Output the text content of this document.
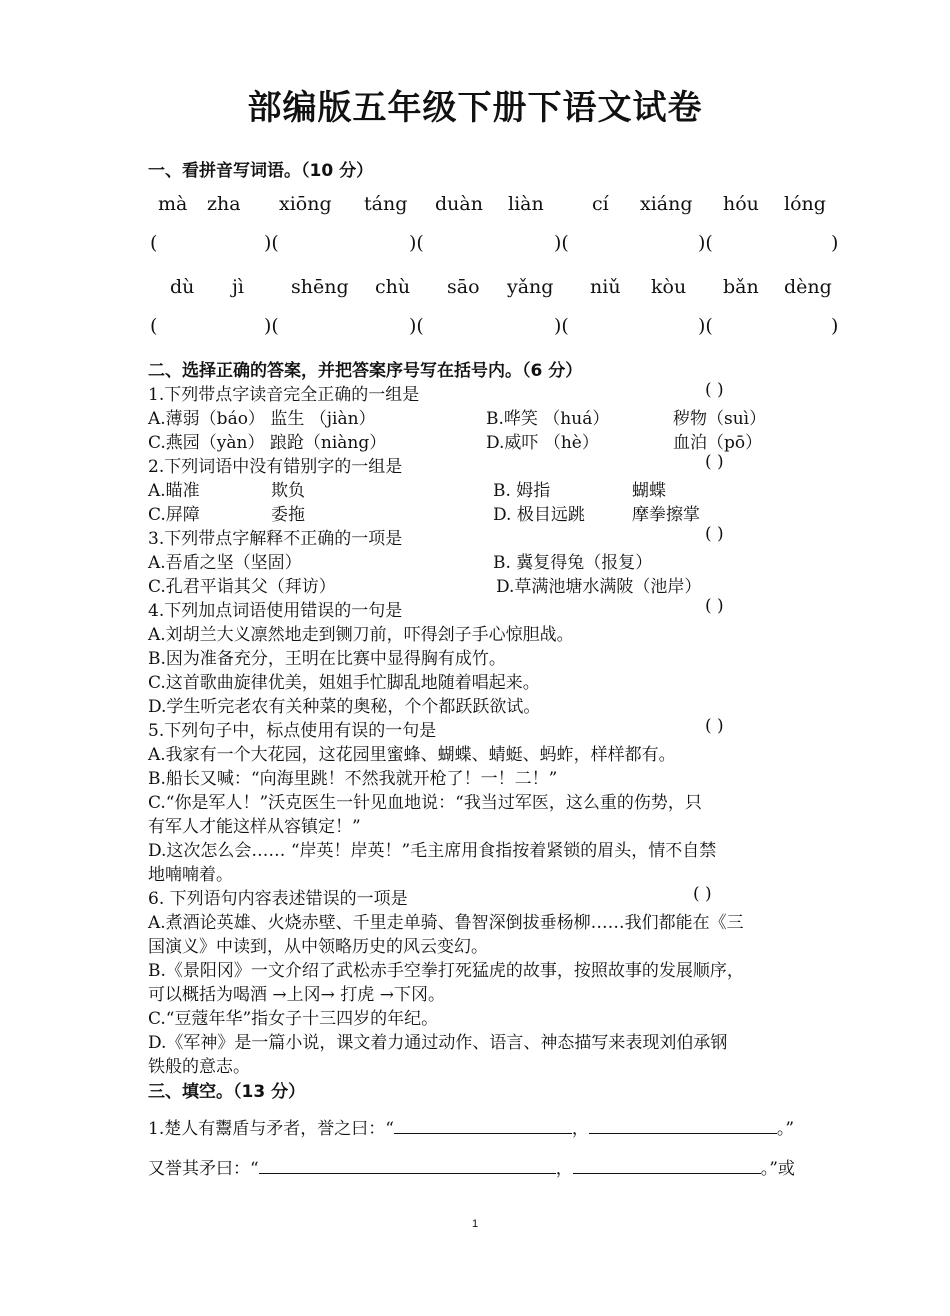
部编版五年级下册下语文试卷
一、看拼音写词语。（10 分）
mà zha xiōng táng duàn liàn	cí xiáng hóu lóng
(	)(	)(	)(	)(	)
dù jì shēng chù sāo yǎng niǔ kòu bǎn dèng
(	)(	)(	)(	)(	)
二、选择正确的答案，并把答案序号写在括号内。（6 分）
1.下列带点字读音完全正确的一组是	( )
A.薄弱（báo） 监生 （jiàn）	B.哗笑 （huá）	秽物（suì）
C.燕园（yàn） 踉跄（niàng）	D.威吓 （hè）	血泊（pō）
2.下列词语中没有错别字的一组是	( )
A.瞄准	欺负	B. 姆指	蝴蝶
C.屏障	委拖	D. 极目远跳	摩拳擦掌
3.下列带点字解释不正确的一项是	( )
A.吾盾之坚（坚固）	B. 冀复得兔（报复）
C.孔君平诣其父（拜访）	D.草满池塘水满陂（池岸）
4.下列加点词语使用错误的一句是	( )
A.刘胡兰大义凛然地走到铡刀前，吓得刽子手心惊胆战。
B.因为准备充分，王明在比赛中显得胸有成竹。
C.这首歌曲旋律优美，姐姐手忙脚乱地随着唱起来。
D.学生听完老农有关种菜的奥秘，个个都跃跃欲试。
5.下列句子中，标点使用有误的一句是	( )
A.我家有一个大花园，这花园里蜜蜂、蝴蝶、蜻蜓、蚂蚱，样样都有。
B.船长又喊：“向海里跳！不然我就开枪了！一！二！”
C.“你是军人！”沃克医生一针见血地说：“我当过军医，这么重的伤势，只
有军人才能这样从容镇定！”
D.这次怎么会…… “岸英！岸英！”毛主席用食指按着紧锁的眉头，情不自禁
地喃喃着。
6. 下列语句内容表述错误的一项是	( )
A.煮酒论英雄、火烧赤壁、千里走单骑、鲁智深倒拔垂杨柳……我们都能在《三
国演义》中读到，从中领略历史的风云变幻。
B.《景阳冈》一文介绍了武松赤手空拳打死猛虎的故事，按照故事的发展顺序，
可以概括为喝酒 →上冈→ 打虎 →下冈。
C.“豆蔻年华”指女子十三四岁的年纪。
D.《军神》是一篇小说，课文着力通过动作、语言、神态描写来表现刘伯承钢
铁般的意志。
三、填空。（13 分）
1.楚人有鬻盾与矛者，誉之曰：“	，	。”
又誉其矛曰：“	，	。”或
1
